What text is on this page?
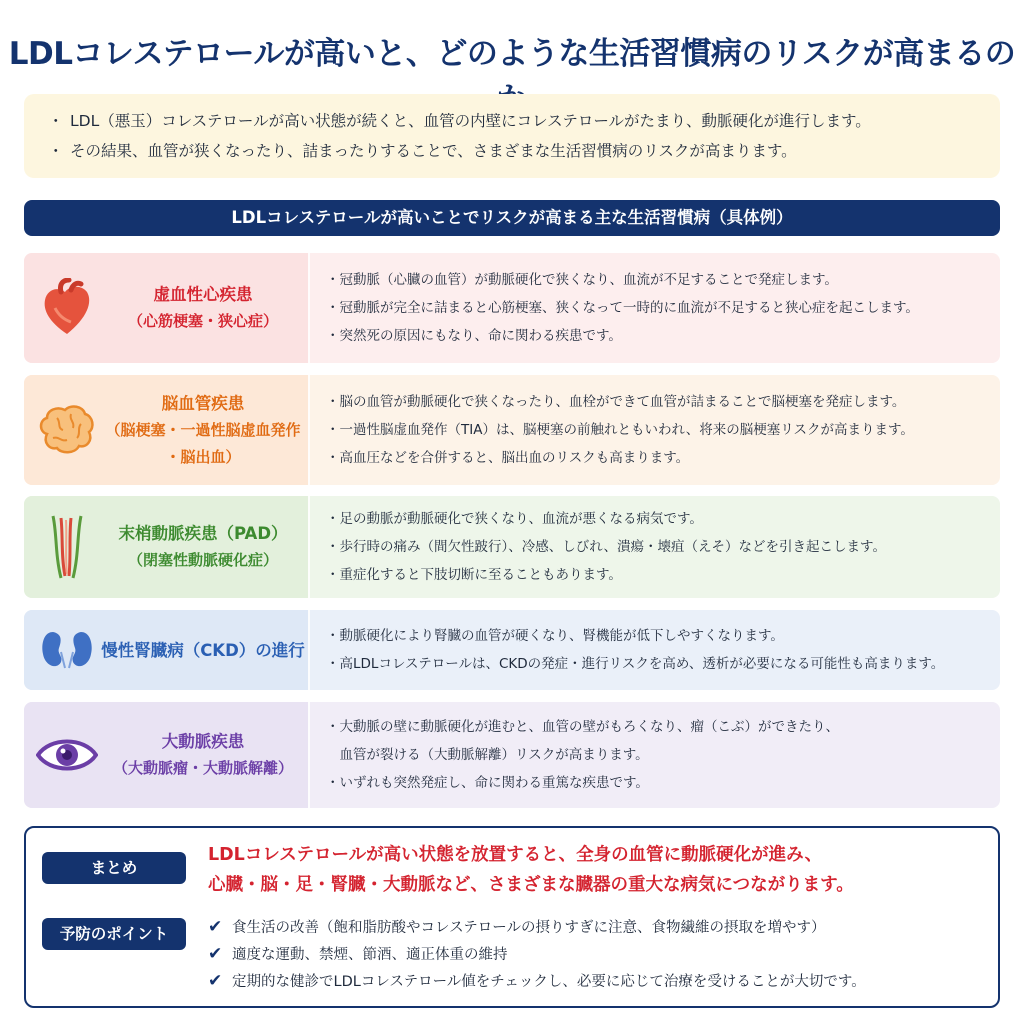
LDLコレステロールが高いと、どのような生活習慣病のリスクが高まるの
・ LDL（悪玉）コレステロールが高い状態が続くと、血管の内壁にコレステロールがたまり、動脈硬化が進行します。
・ その結果、血管が狭くなったり、詰まったりすることで、さまざまな生活習慣病のリスクが高まります。
LDLコレステロールが高いことでリスクが高まる主な生活習慣病（具体例）
虚血性心疾患
（心筋梗塞・狭心症）
・冠動脈（心臓の血管）が動脈硬化で狭くなり、血流が不足することで発症します。
・冠動脈が完全に詰まると心筋梗塞、狭くなって一時的に血流が不足すると狭心症を起こします。
・突然死の原因にもなり、命に関わる疾患です。
脳血管疾患
（脳梗塞・一過性脳虚血発作
・脳出血）
・脳の血管が動脈硬化で狭くなったり、血栓ができて血管が詰まることで脳梗塞を発症します。
・一過性脳虚血発作（TIA）は、脳梗塞の前触れともいわれ、将来の脳梗塞リスクが高まります。
・高血圧などを合併すると、脳出血のリスクも高まります。
末梢動脈疾患（PAD）
（閉塞性動脈硬化症）
・足の動脈が動脈硬化で狭くなり、血流が悪くなる病気です。
・歩行時の痛み（間欠性跛行）、冷感、しびれ、潰瘍・壊疽（えそ）などを引き起こします。
・重症化すると下肢切断に至ることもあります。
慢性腎臓病（CKD）の進行
・動脈硬化により腎臓の血管が硬くなり、腎機能が低下しやすくなります。
・高LDLコレステロールは、CKDの発症・進行リスクを高め、透析が必要になる可能性も高まります。
大動脈疾患
（大動脈瘤・大動脈解離）
・大動脈の壁に動脈硬化が進むと、血管の壁がもろくなり、瘤（こぶ）ができたり、
　血管が裂ける（大動脈解離）リスクが高まります。
・いずれも突然発症し、命に関わる重篤な疾患です。
まとめ
LDLコレステロールが高い状態を放置すると、全身の血管に動脈硬化が進み、
心臓・脳・足・腎臓・大動脈など、さまざまな臓器の重大な病気につながります。
予防のポイント	✔ 食生活の改善（飽和脂肪酸やコレステロールの摂りすぎに注意、食物繊維の摂取を増やす）
✔ 適度な運動、禁煙、節酒、適正体重の維持
✔ 定期的な健診でLDLコレステロール値をチェックし、必要に応じて治療を受けることが大切です。
